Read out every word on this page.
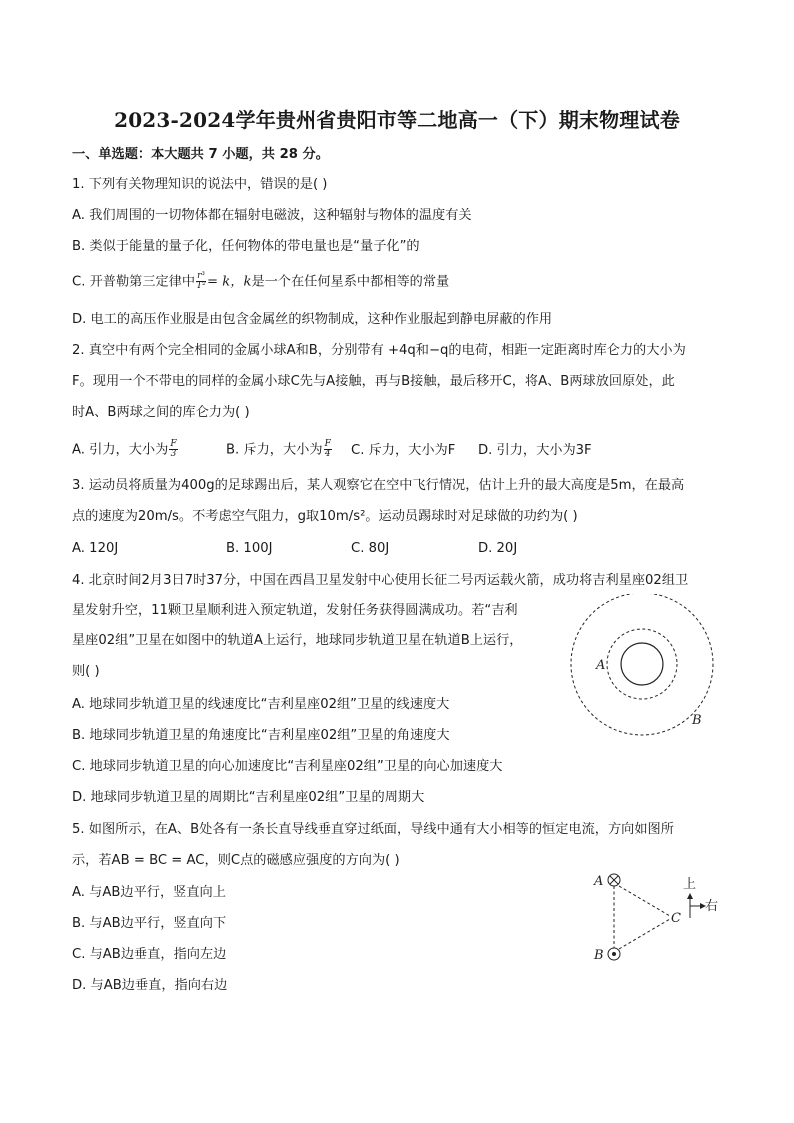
2023-2024学年贵州省贵阳市等二地高一（下）期末物理试卷
一、单选题：本大题共 7 小题，共 28 分。
1. 下列有关物理知识的说法中，错误的是( )
A. 我们周围的一切物体都在辐射电磁波，这种辐射与物体的温度有关
B. 类似于能量的量子化，任何物体的带电量也是“量子化”的
C. 开普勒第三定律中 $\frac{\text{r³}}{\text{T²}} = k$，k是一个在任何星系中都相等的常量
D. 电工的高压作业服是由包含金属丝的织物制成，这种作业服起到静电屏蔽的作用
2. 真空中有两个完全相同的金属小球A和B，分别带有 +4q和−q的电荷，相距一定距离时库仑力的大小为
F。现用一个不带电的同样的金属小球C先与A接触，再与B接触，最后移开C，将A、B两球放回原处，此
时A、B两球之间的库仑力为( )
A. 引力，大小为 $\frac{F}{3}$	B. 斥力，大小为 $\frac{F}{4} C$. 斥力，大小为F D. 引力，大小为3F
3. 运动员将质量为400g的足球踢出后，某人观察它在空中飞行情况，估计上升的最大高度是5m，在最高
点的速度为20m/s。不考虑空气阻力，g取10m/s²。运动员踢球时对足球做的功约为( )
A. 120J	B. 100J	C. 80J	D. 20J
4. 北京时间2月3日7时37分，中国在西昌卫星发射中心使用长征二号丙运载火箭，成功将吉利星座02组卫
星发射升空，11颗卫星顺利进入预定轨道，发射任务获得圆满成功。若“吉利
星座02组”卫星在如图中的轨道A上运行，地球同步轨道卫星在轨道B上运行，
则( )
A. 地球同步轨道卫星的线速度比“吉利星座02组”卫星的线速度大
B. 地球同步轨道卫星的角速度比“吉利星座02组”卫星的角速度大
C. 地球同步轨道卫星的向心加速度比“吉利星座02组”卫星的向心加速度大
D. 地球同步轨道卫星的周期比“吉利星座02组”卫星的周期大
A
B
5. 如图所示，在A、B处各有一条长直导线垂直穿过纸面，导线中通有大小相等的恒定电流，方向如图所
示，若AB = BC = AC，则C点的磁感应强度的方向为( )
A. 与AB边平行，竖直向上
B. 与AB边平行，竖直向下
C. 与AB边垂直，指向左边
D. 与AB边垂直，指向右边
A
B
C
上
右
